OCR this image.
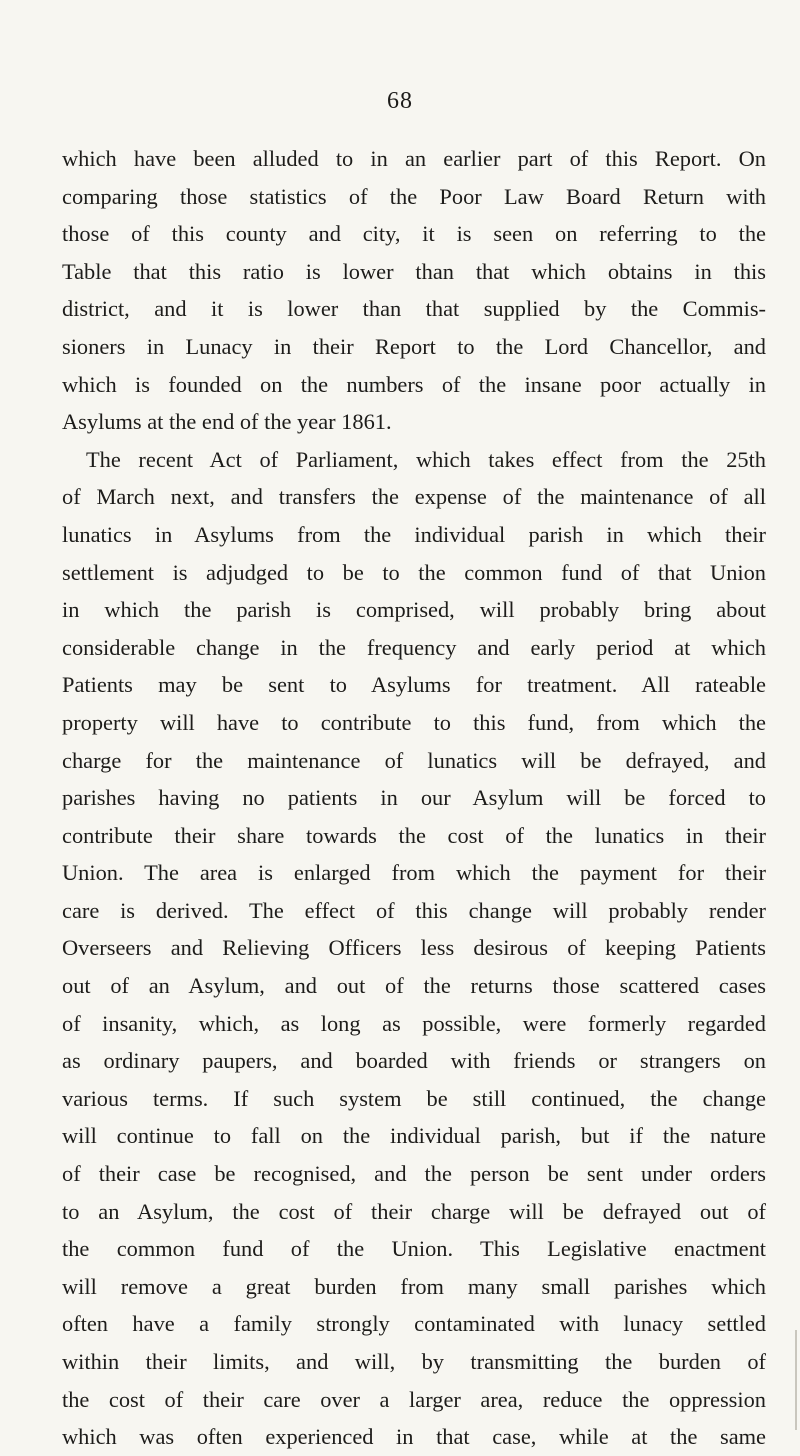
68
which have been alluded to in an earlier part of this Report. On
comparing those statistics of the Poor Law Board Return with
those of this county and city, it is seen on referring to the
Table that this ratio is lower than that which obtains in this
district, and it is lower than that supplied by the Commis-
sioners in Lunacy in their Report to the Lord Chancellor, and
which is founded on the numbers of the insane poor actually in
Asylums at the end of the year 1861.
The recent Act of Parliament, which takes effect from the 25th
of March next, and transfers the expense of the maintenance of all
lunatics in Asylums from the individual parish in which their
settlement is adjudged to be to the common fund of that Union
in which the parish is comprised, will probably bring about
considerable change in the frequency and early period at which
Patients may be sent to Asylums for treatment. All rateable
property will have to contribute to this fund, from which the
charge for the maintenance of lunatics will be defrayed, and
parishes having no patients in our Asylum will be forced to
contribute their share towards the cost of the lunatics in their
Union. The area is enlarged from which the payment for their
care is derived. The effect of this change will probably render
Overseers and Relieving Officers less desirous of keeping Patients
out of an Asylum, and out of the returns those scattered cases
of insanity, which, as long as possible, were formerly regarded
as ordinary paupers, and boarded with friends or strangers on
various terms. If such system be still continued, the change
will continue to fall on the individual parish, but if the nature
of their case be recognised, and the person be sent under orders
to an Asylum, the cost of their charge will be defrayed out of
the common fund of the Union. This Legislative enactment
will remove a great burden from many small parishes which
often have a family strongly contaminated with lunacy settled
within their limits, and will, by transmitting the burden of
the cost of their care over a larger area, reduce the oppression
which was often experienced in that case, while at the same
